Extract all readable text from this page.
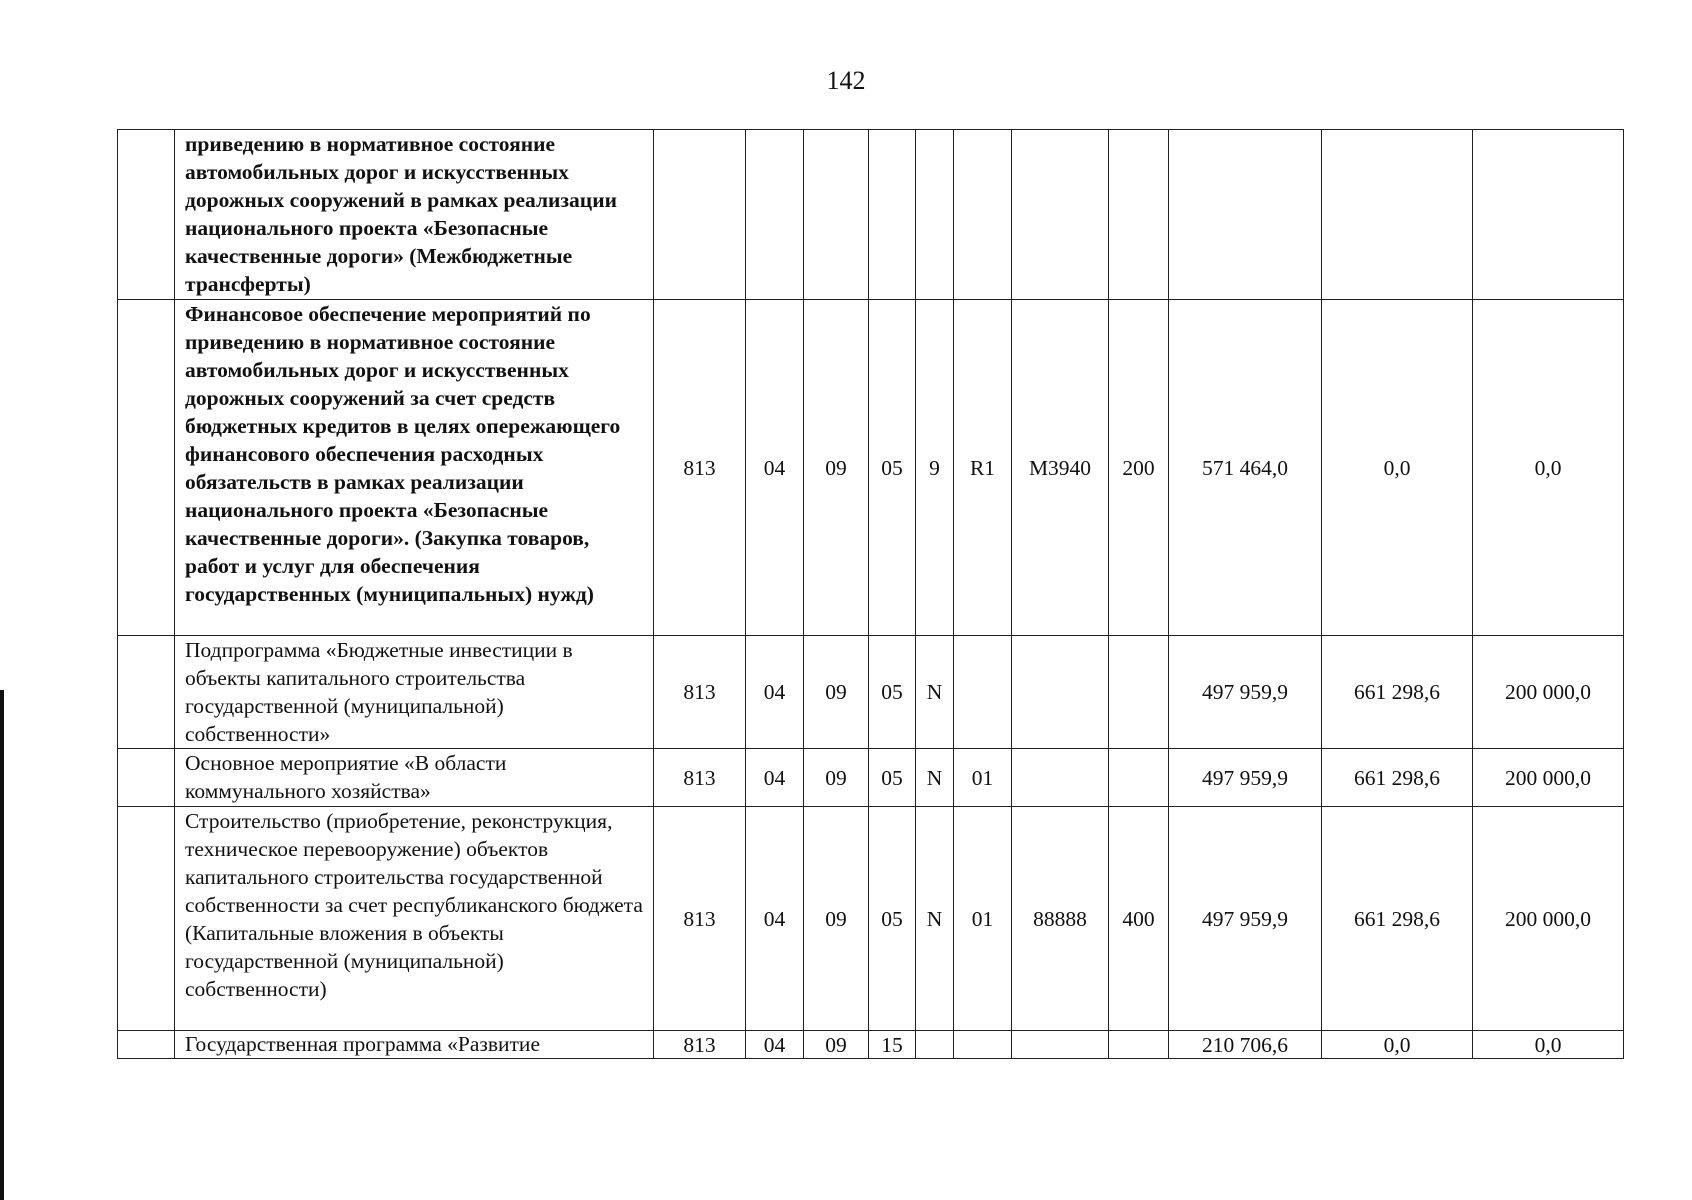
142
	приведению в нормативное состояние автомобильных дорог и искусственных дорожных сооружений в рамках реализации национального проекта «Безопасные качественные дороги» (Межбюджетные трансферты)											
	Финансовое обеспечение мероприятий по приведению в нормативное состояние автомобильных дорог и искусственных дорожных сооружений за счет средств бюджетных кредитов в целях опережающего финансового обеспечения расходных обязательств в рамках реализации национального проекта «Безопасные качественные дороги». (Закупка товаров, работ и услуг для обеспечения государственных (муниципальных) нужд)	813	04	09	05	9	R1	М3940	200	571 464,0	0,0	0,0
	Подпрограмма «Бюджетные инвестиции в объекты капитального строительства государственной (муниципальной) собственности»	813	04	09	05	N				497 959,9	661 298,6	200 000,0
	Основное мероприятие «В области коммунального хозяйства»	813	04	09	05	N	01			497 959,9	661 298,6	200 000,0
	Строительство (приобретение, реконструкция, техническое перевооружение) объектов капитального строительства государственной собственности за счет республиканского бюджета (Капитальные вложения в объекты государственной (муниципальной) собственности)	813	04	09	05	N	01	88888	400	497 959,9	661 298,6	200 000,0
	Государственная программа «Развитие	813	04	09	15					210 706,6	0,0	0,0
